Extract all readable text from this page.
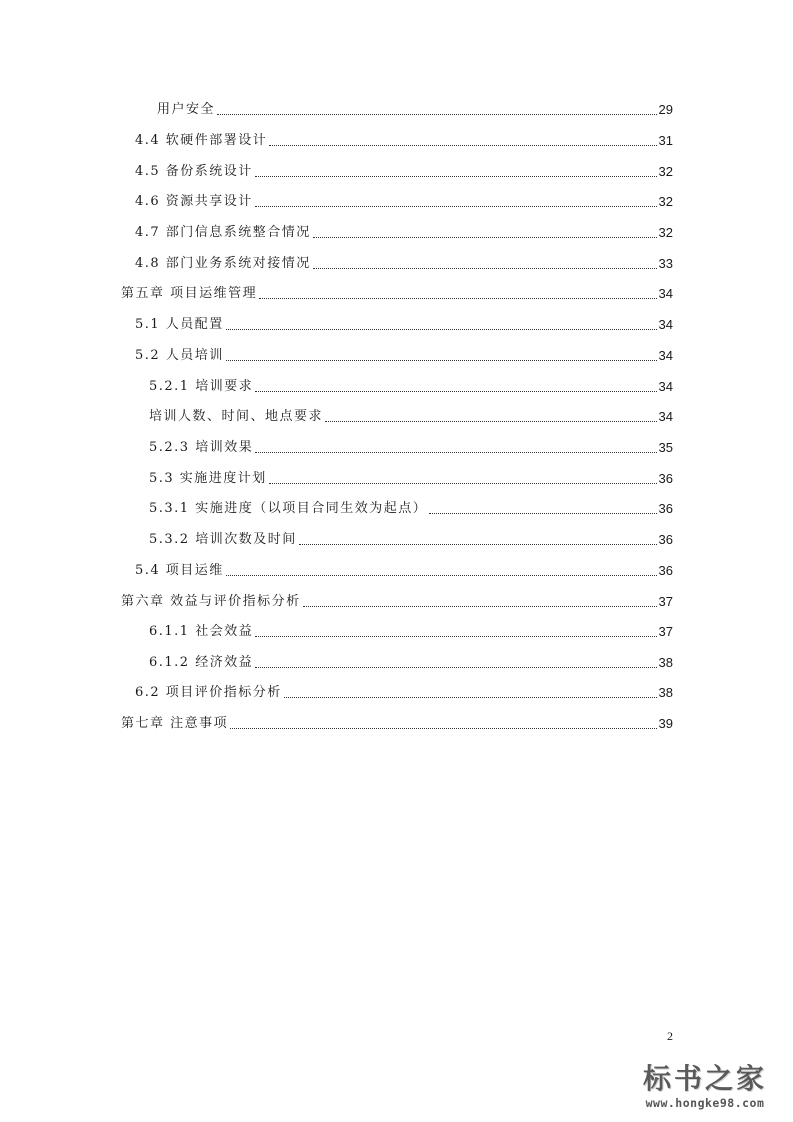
用户安全	29
4.4 软硬件部署设计	31
4.5 备份系统设计	32
4.6 资源共享设计	32
4.7 部门信息系统整合情况	32
4.8 部门业务系统对接情况	33
第五章 项目运维管理	34
5.1 人员配置	34
5.2 人员培训	34
5.2.1 培训要求	34
培训人数、时间、地点要求	34
5.2.3 培训效果	35
5.3 实施进度计划	36
5.3.1 实施进度（以项目合同生效为起点）	36
5.3.2 培训次数及时间	36
5.4 项目运维	36
第六章 效益与评价指标分析	37
6.1.1 社会效益	37
6.1.2 经济效益	38
6.2 项目评价指标分析	38
第七章 注意事项	39
2
标书之家
www.hongke98.com
